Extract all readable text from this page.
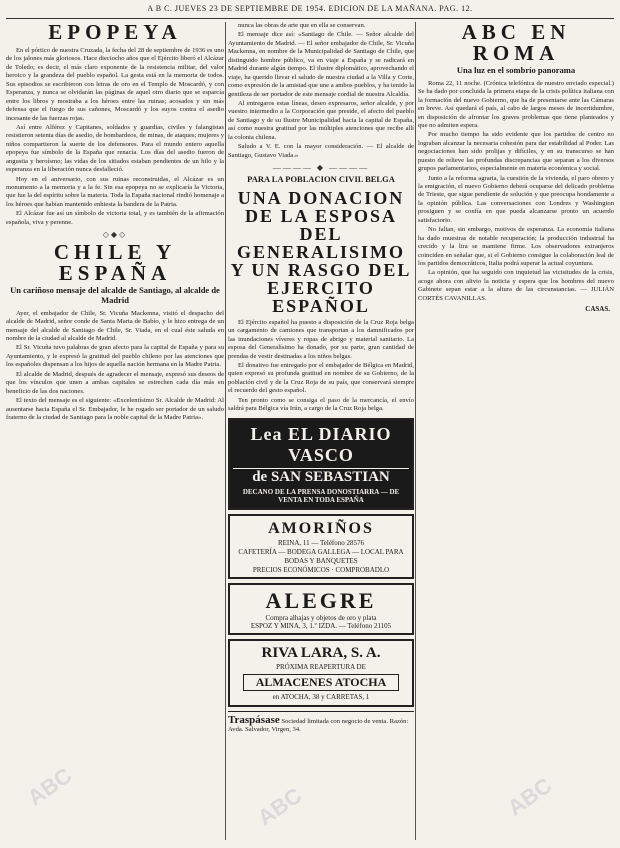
A B C. JUEVES 23 DE SEPTIEMBRE DE 1954. EDICION DE LA MAÑANA. PAG. 12.
EPOPEYA

En el pórtico de nuestra Cruzada, la fecha del 28 de septiembre de 1936 es uno de los jalones más gloriosos. Hace dieciocho años que el Ejército liberó el Alcázar de Toledo; es decir, el más claro exponente de la resistencia militar, del valor heroico y la grandeza del pueblo español. La gesta está en la memoria de todos. Sus episodios se escribieron con letras de oro en el Templo de Moscardó, y con Esperanza, y nunca se olvidarán las páginas de aquel otro diario que se esparcía entre los libros y mostraba a los héroes entre las ruinas; acosados y sin más defensa que el fuego de sus cañones, Moscardó y los suyos contra el asedio incesante de las fuerzas rojas.

Así entre Alférez y Capitanes, soldados y guardias, civiles y falangistas resistieron setenta días de asedio, de bombardeos, de minas, de ataques; mujeres y niños compartieron la suerte de los defensores. Para el mundo entero aquella epopeya fue símbolo de la España que renacía. Los días del asedio fueron de angustia y heroísmo; las vidas de los sitiados estaban pendientes de un hilo y la esperanza en la liberación nunca desfalleció.

Hoy en el aniversario, con sus ruinas reconstruidas, el Alcázar es un monumento a la memoria y a la fe. Sin esa epopeya no se explicaría la Victoria, que fue la del espíritu sobre la materia. Toda la España nacional rindió homenaje a los héroes que habían mantenido enhiesta la bandera de la Patria.

El Alcázar fue así un símbolo de victoria total, y es también de la afirmación española, viva y perenne.

◇◆◇
CHILE Y ESPAÑA
Un cariñoso mensaje del alcalde de Santiago, al alcalde de Madrid

Ayer, el embajador de Chile, Sr. Vicuña Mackenna, visitó el despacho del alcalde de Madrid, señor conde de Santa Marta de Babío, y le hizo entrega de un mensaje del alcalde de Santiago de Chile, Sr. Viada, en el cual éste saluda en nombre de la ciudad al alcalde de Madrid.

El Sr. Vicuña tuvo palabras de gran afecto para la capital de España y para su Ayuntamiento, y le expresó la gratitud del pueblo chileno por las atenciones que los españoles dispensan a los hijos de aquella nación hermana en la Madre Patria.

El alcalde de Madrid, después de agradecer el mensaje, expresó sus deseos de que los vínculos que unen a ambas capitales se estrechen cada día más en beneficio de las dos naciones.

El texto del mensaje es el siguiente: «Excelentísimo Sr. Alcalde de Madrid: Al ausentarse hacia España el Sr. Embajador, le he rogado ser portador de un saludo fraterno de la ciudad de Santiago para la noble capital de la Madre Patria».

nunca las obras de arte que en ella se conservan.

El mensaje dice así: «Santiago de Chile. — Señor alcalde del Ayuntamiento de Madrid. — El señor embajador de Chile, Sr. Vicuña Mackenna, en nombre de la Municipalidad de Santiago de Chile, que distinguido hombre público, va en viaje a España y se radicará en Madrid durante algún tiempo. El ilustre diplomático, aprovechando el viaje, ha querido llevar el saludo de nuestra ciudad a la Villa y Corte, como expresión de la amistad que une a ambos pueblos, y ha tenido la gentileza de ser portador de este mensaje cordial de nuestra Alcaldía.

Al entregaros estas líneas, deseo expresaros, señor alcalde, y por vuestro intermedio a la Corporación que preside, el afecto del pueblo de Santiago y de su Ilustre Municipalidad hacia la capital de España, así como nuestra gratitud por las múltiples atenciones que recibe allí la colonia chilena.

Saludo a V. E. con la mayor consideración. — El alcalde de Santiago, Gustavo Viada.»

———— ◆ ————
PARA LA POBLACION CIVIL BELGA
UNA DONACION DE LA ESPOSA DEL GENERALISIMO Y UN RASGO DEL EJERCITO ESPAÑOL

El Ejército español ha puesto a disposición de la Cruz Roja belga un cargamento de camiones que transportan a los damnificados por las inundaciones víveres y ropas de abrigo y material sanitario. La esposa del Generalísimo ha donado, por su parte, gran cantidad de prendas de vestir destinadas a los niños belgas.

El donativo fue entregado por el embajador de Bélgica en Madrid, quien expresó su profunda gratitud en nombre de su Gobierno, de la población civil y de la Cruz Roja de su país, que conservará siempre el recuerdo del gesto español.

Ten pronto como se consiga el paso de la mercancía, el envío saldrá para Bélgica vía Irún, a cargo de la Cruz Roja belga.

Lea EL DIARIO VASCO
de SAN SEBASTIAN
DECANO DE LA PRENSA DONOSTIARRA — DE VENTA EN TODA ESPAÑA
AMORIÑOS
REINA, 11 — Teléfono 28576
CAFETERÍA — BODEGA GALLEGA — LOCAL PARA BODAS Y BANQUETES
PRECIOS ECONÓMICOS · COMPROBADLO
ALEGRE
Compra alhajas y objetos de oro y plata
ESPOZ Y MINA, 3, 1.º IZDA. — Teléfono 21105
RIVA LARA, S. A.
PRÓXIMA REAPERTURA DE
ALMACENES ATOCHA
en ATOCHA, 38 y CARRETAS, 1
Traspásase Sociedad limitada con negocio de venta. Razón: Avda. Salvador, Virgen, 34.
ABC EN ROMA
Una luz en el sombrío panorama

Roma 22, 11 noche. (Crónica telefónica de nuestro enviado especial.) Se ha dado por concluida la primera etapa de la crisis política italiana con la formación del nuevo Gobierno, que ha de presentarse ante las Cámaras en breve. Así quedará el país, al cabo de largos meses de incertidumbre, en disposición de afrontar los graves problemas que tiene planteados y que no admiten espera.

Por mucho tiempo ha sido evidente que los partidos de centro no lograban alcanzar la necesaria cohesión para dar estabilidad al Poder. Las negociaciones han sido prolijas y difíciles, y en su transcurso se han puesto de relieve las profundas discrepancias que separan a los diversos grupos parlamentarios, especialmente en materia económica y social.

Junto a la reforma agraria, la cuestión de la vivienda, el paro obrero y la emigración, el nuevo Gobierno deberá ocuparse del delicado problema de Trieste, que sigue pendiente de solución y que preocupa hondamente a la opinión pública. Las conversaciones con Londres y Washington prosiguen y se confía en que pueda alcanzarse pronto un acuerdo satisfactorio.

No faltan, sin embargo, motivos de esperanza. La economía italiana ha dado muestras de notable recuperación; la producción industrial ha crecido y la lira se mantiene firme. Los observadores extranjeros coinciden en señalar que, si el Gobierno consigue la colaboración leal de los partidos democráticos, Italia podrá superar la actual coyuntura.

La opinión, que ha seguido con inquietud las vicisitudes de la crisis, acoge ahora con alivio la noticia y espera que los hombres del nuevo Gabinete sepan estar a la altura de las circunstancias. — JULIÁN CORTÉS CAVANILLAS.

CASAS.
ABC	ABC	ABC
